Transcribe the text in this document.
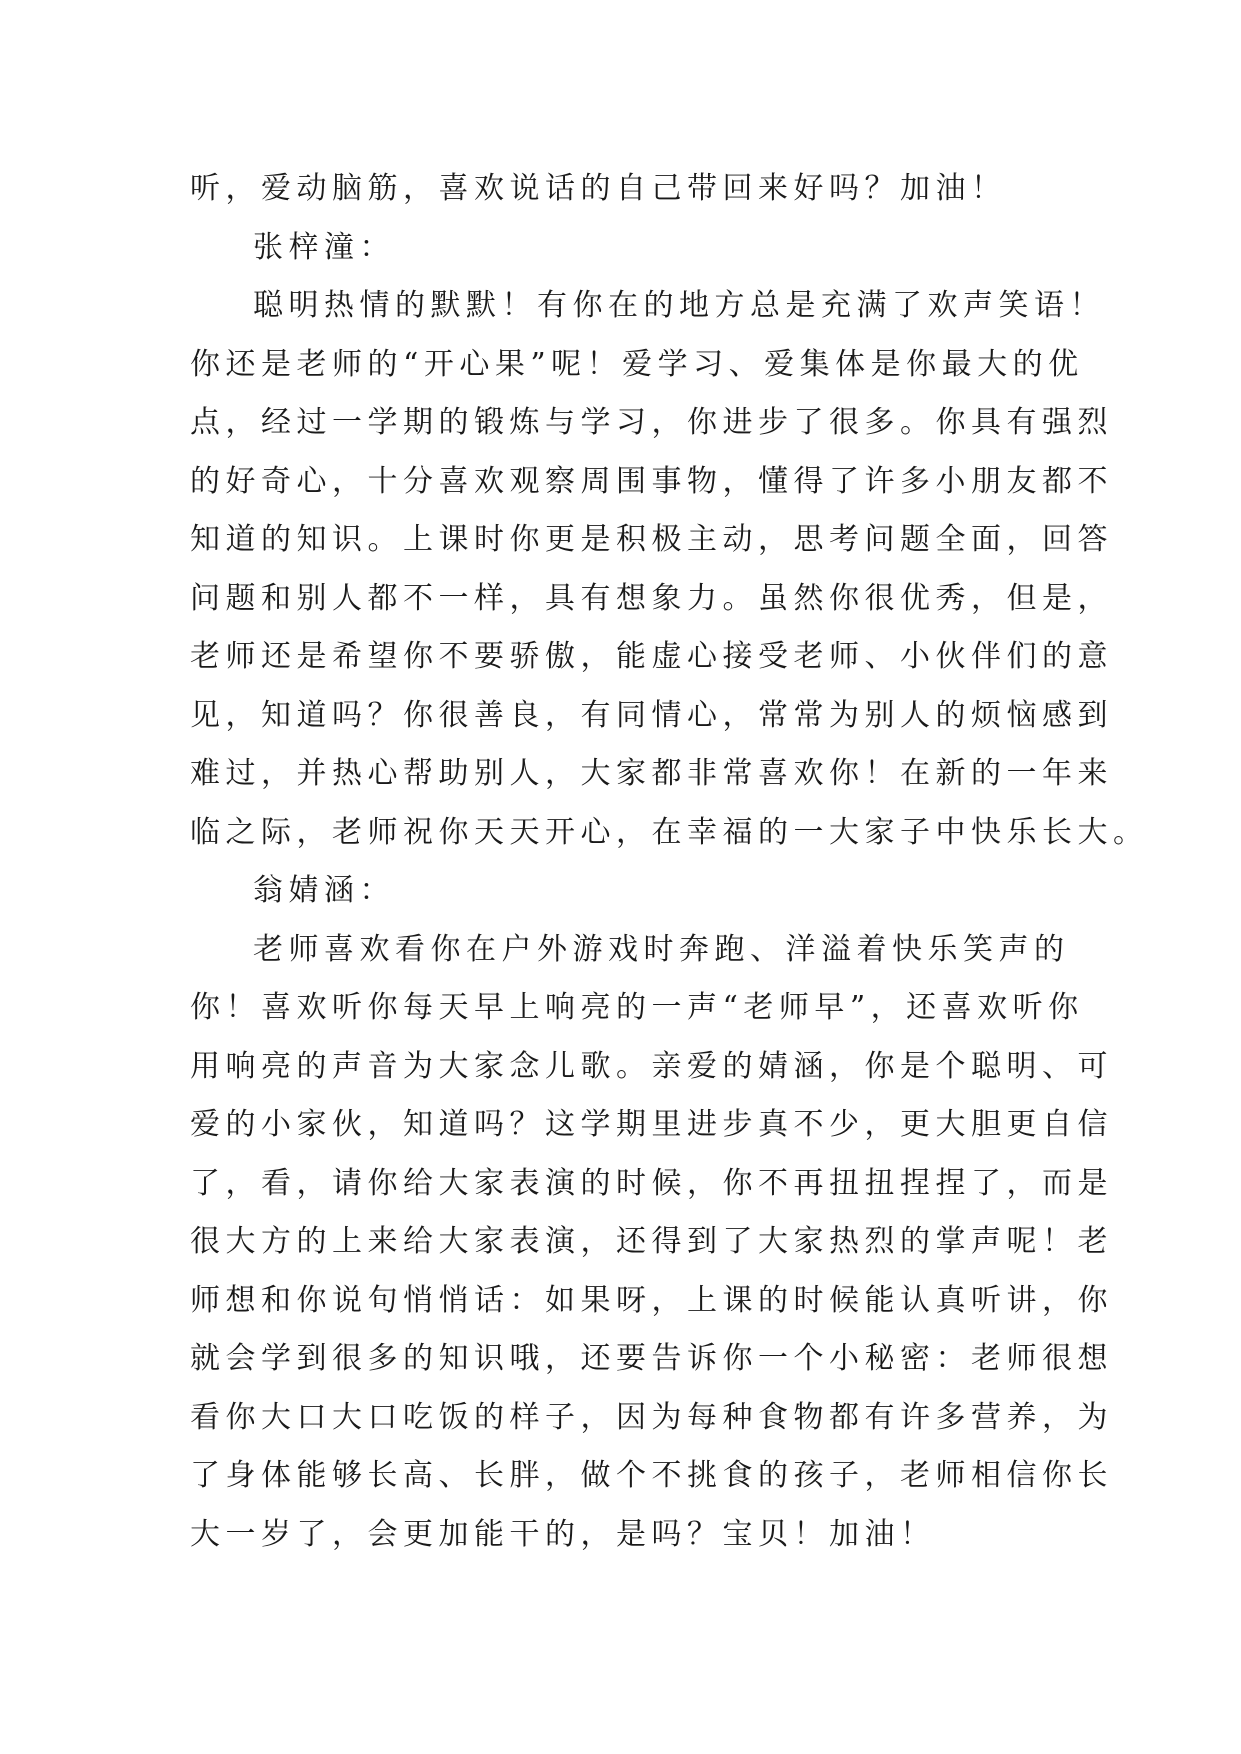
听，爱动脑筋，喜欢说话的自己带回来好吗？加油！
张梓潼：
聪明热情的默默！有你在的地方总是充满了欢声笑语！
你还是老师的“开心果”呢！爱学习、爱集体是你最大的优
点，经过一学期的锻炼与学习，你进步了很多。你具有强烈
的好奇心，十分喜欢观察周围事物，懂得了许多小朋友都不
知道的知识。上课时你更是积极主动，思考问题全面，回答
问题和别人都不一样，具有想象力。虽然你很优秀，但是，
老师还是希望你不要骄傲，能虚心接受老师、小伙伴们的意
见，知道吗？你很善良，有同情心，常常为别人的烦恼感到
难过，并热心帮助别人，大家都非常喜欢你！在新的一年来
临之际，老师祝你天天开心，在幸福的一大家子中快乐长大。
翁婧涵：
老师喜欢看你在户外游戏时奔跑、洋溢着快乐笑声的
你！喜欢听你每天早上响亮的一声“老师早”，还喜欢听你
用响亮的声音为大家念儿歌。亲爱的婧涵，你是个聪明、可
爱的小家伙，知道吗？这学期里进步真不少，更大胆更自信
了，看，请你给大家表演的时候，你不再扭扭捏捏了，而是
很大方的上来给大家表演，还得到了大家热烈的掌声呢！老
师想和你说句悄悄话：如果呀，上课的时候能认真听讲，你
就会学到很多的知识哦，还要告诉你一个小秘密：老师很想
看你大口大口吃饭的样子，因为每种食物都有许多营养，为
了身体能够长高、长胖，做个不挑食的孩子，老师相信你长
大一岁了，会更加能干的，是吗？宝贝！加油！
